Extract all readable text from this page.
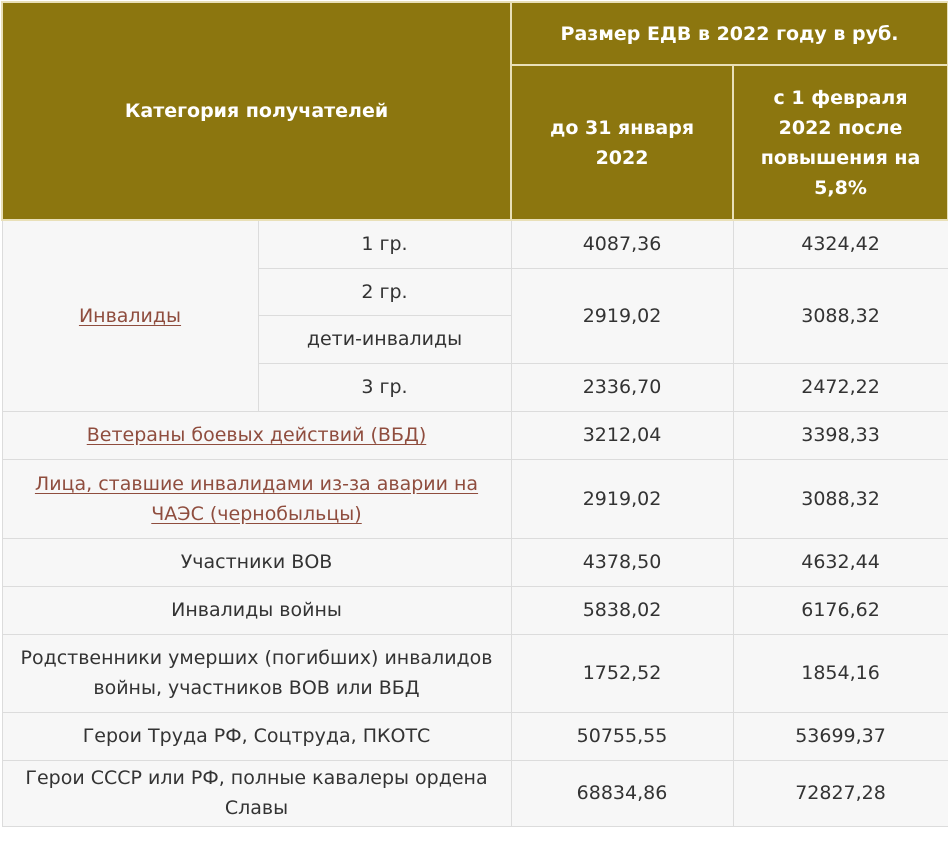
Категория получателей		Размер ЕДВ в 2022 году в руб.	
		до 31 января 2022	с 1 февраля 2022 после повышения на 5,8%
Инвалиды	1 гр.	4087,36	4324,42
	2 гр.	2919,02	3088,32
	дети-инвалиды		
	3 гр.	2336,70	2472,22
Ветераны боевых действий (ВБД)		3212,04	3398,33
Лица, ставшие инвалидами из-за аварии на ЧАЭС (чернобыльцы)		2919,02	3088,32
Участники ВОВ		4378,50	4632,44
Инвалиды войны		5838,02	6176,62
Родственники умерших (погибших) инвалидов войны, участников ВОВ или ВБД		1752,52	1854,16
Герои Труда РФ, Соцтруда, ПКОТС		50755,55	53699,37
Герои СССР или РФ, полные кавалеры ордена Славы		68834,86	72827,28
